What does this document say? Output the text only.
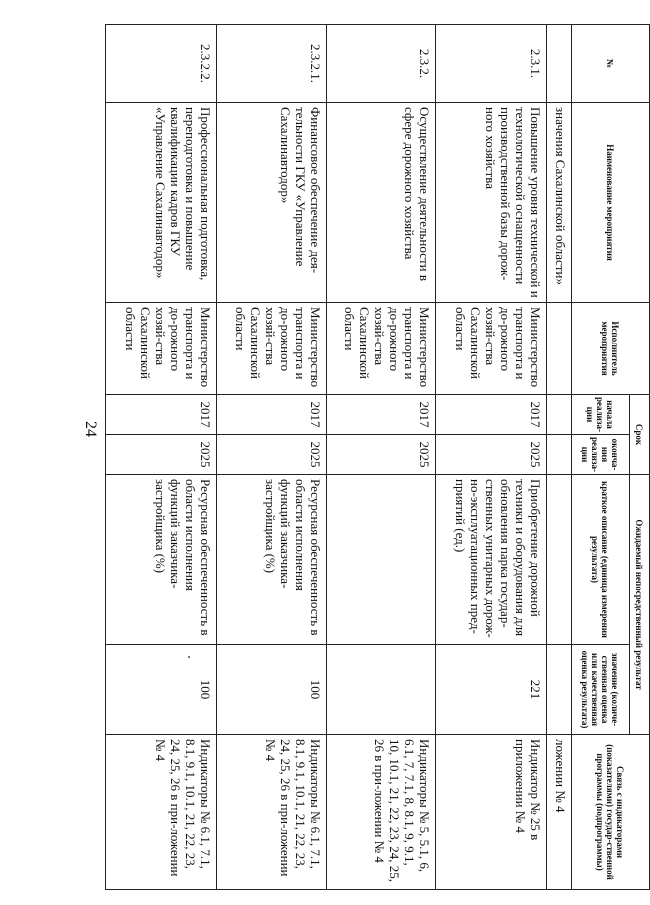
24
№	Наименование мероприятия	Исполнитель мероприятия	Срок		Ожидаемый непосредственный результат		Связь с индикаторами (показателями) государ-ственной программы (подпрограммы)
			начала реализа-ции	оконча-ния реализа-ции	краткое описание (единица измерения результата)	значение (количе-ственная оценка или качественная оценка результата)	
	значения Сахалинской области»						ложении № 4
2.3.1.	Повышение уровня технической и технологической оснащенности производственной базы дорож-ного хозяйства	Министерство транспорта и до-рожного хозяй-ства Сахалинской области	2017	2025	Приобретение дорожной техники и оборудования для обновления парка государ-ственных унитарных дорож-но-эксплуатационных пред-приятий (ед.)	221	Индикатор № 25 в приложении № 4
2.3.2.	Осуществление деятельности в сфере дорожного хозяйства	Министерство транспорта и до-рожного хозяй-ства Сахалинской области	2017	2025			Индикаторы № 5, 5.1, 6, 6.1, 7, 7.1, 8, 8.1, 9, 9.1, 10, 10.1, 21, 22, 23, 24, 25, 26 в при-ложении № 4
2.3.2.1.	Финансовое обеспечение дея-тельности ГКУ «Управление Сахалинавтодор»	Министерство транспорта и до-рожного хозяй-ства Сахалинской области	2017	2025	Ресурсная обеспеченность в области исполнения функций заказчика-застройщика (%)	100	Индикаторы № 6.1, 7.1, 8.1, 9.1, 10.1, 21, 22, 23, 24, 25, 26 в при-ложении № 4
2.3.2.2.	Профессиональная подготовка, переподготовка и повышение квалификации кадров ГКУ «Управление Сахалинавтодор»	Министерство транспорта и до-рожного хозяй-ства Сахалинской области	2017	2025	Ресурсная обеспеченность в области исполнения функций заказчика-застройщика (%)	100	Индикаторы № 6.1, 7.1, 8.1, 9.1, 10.1, 21, 22, 23, 24, 25, 26 в при-ложении № 4
